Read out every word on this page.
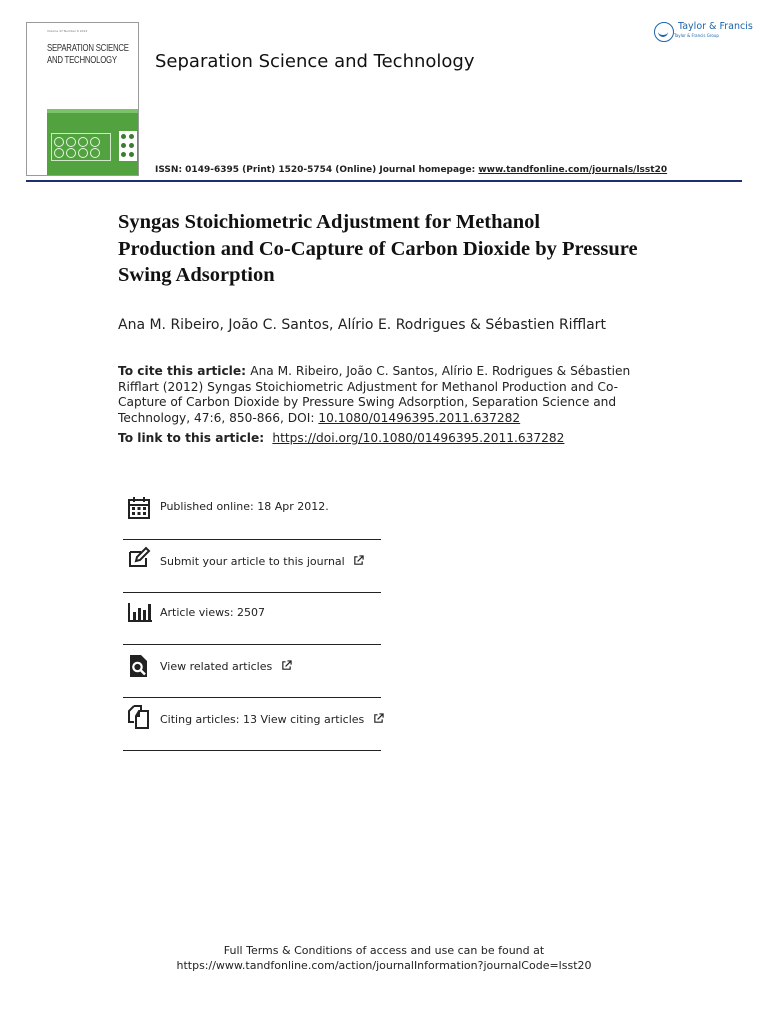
Volume 47 Number 6 2012
SEPARATION SCIENCE
AND TECHNOLOGY Separation Science and Technology
ISSN: 0149-6395 (Print) 1520-5754 (Online) Journal homepage: www.tandfonline.com/journals/lsst20
Taylor & Francis
Taylor & Francis Group
Syngas Stoichiometric Adjustment for Methanol Production and Co-Capture of Carbon Dioxide by Pressure Swing Adsorption
Ana M. Ribeiro, João C. Santos, Alírio E. Rodrigues & Sébastien Rifflart
To cite this article: Ana M. Ribeiro, João C. Santos, Alírio E. Rodrigues & Sébastien Rifflart (2012) Syngas Stoichiometric Adjustment for Methanol Production and Co-Capture of Carbon Dioxide by Pressure Swing Adsorption, Separation Science and Technology, 47:6, 850-866, DOI: 10.1080/01496395.2011.637282
To link to this article: https://doi.org/10.1080/01496395.2011.637282
Published online: 18 Apr 2012.
Submit your article to this journal
Article views: 2507
View related articles
Citing articles: 13 View citing articles
Full Terms & Conditions of access and use can be found at
https://www.tandfonline.com/action/journalInformation?journalCode=lsst20
